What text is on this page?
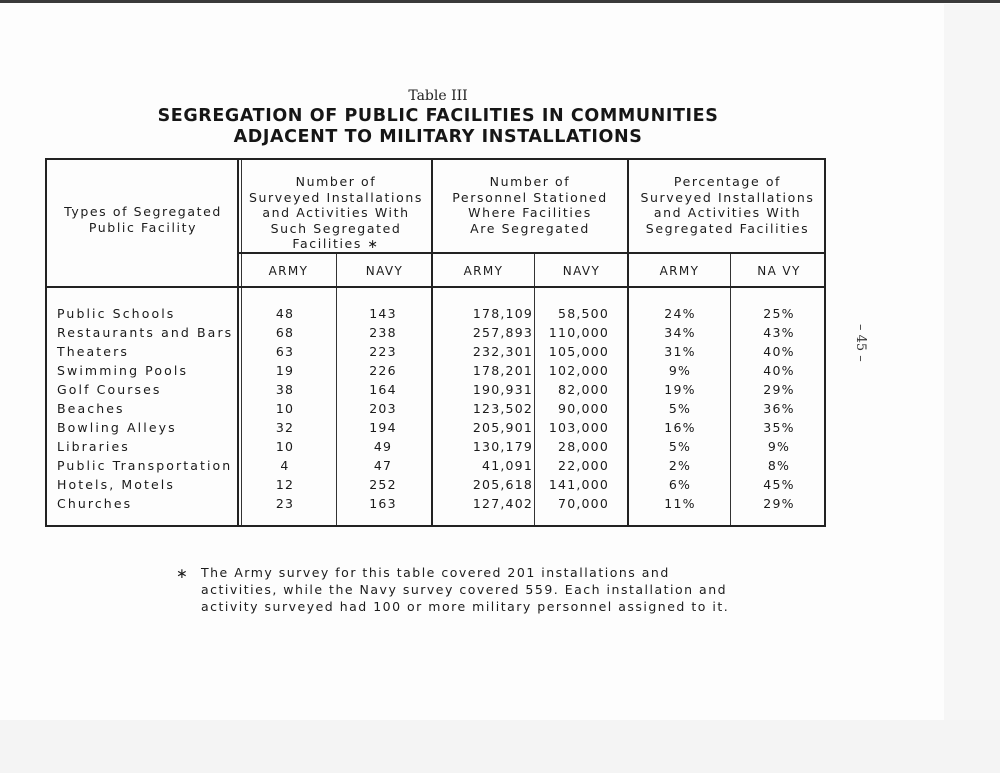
Table III
SEGREGATION OF PUBLIC FACILITIES IN COMMUNITIES
ADJACENT TO MILITARY INSTALLATIONS
Types of Segregated
Public Facility
Number of
Surveyed Installations
and Activities With
Such Segregated
Facilities ∗
Number of
Personnel Stationed
Where Facilities
Are Segregated
Percentage of
Surveyed Installations
and Activities With
Segregated Facilities
ARMY	NAVY	ARMY	NAVY	ARMY	NA VY
Public Schools	48	143	178,109	58,500	24%	25%
Restaurants and Bars	68	238	257,893	110,000	34%	43%
Theaters	63	223	232,301	105,000	31%	40%
Swimming Pools	19	226	178,201	102,000	9%	40%
Golf Courses	38	164	190,931	82,000	19%	29%
Beaches	10	203	123,502	90,000	5%	36%
Bowling Alleys	32	194	205,901	103,000	16%	35%
Libraries	10	49	130,179	28,000	5%	9%
Public Transportation	4	47	41,091	22,000	2%	8%
Hotels, Motels	12	252	205,618	141,000	6%	45%
Churches	23	163	127,402	70,000	11%	29%
∗ The Army survey for this table covered 201 installations and activities, while the Navy survey covered 559. Each installation and activity surveyed had 100 or more military personnel assigned to it.
– 45 –
